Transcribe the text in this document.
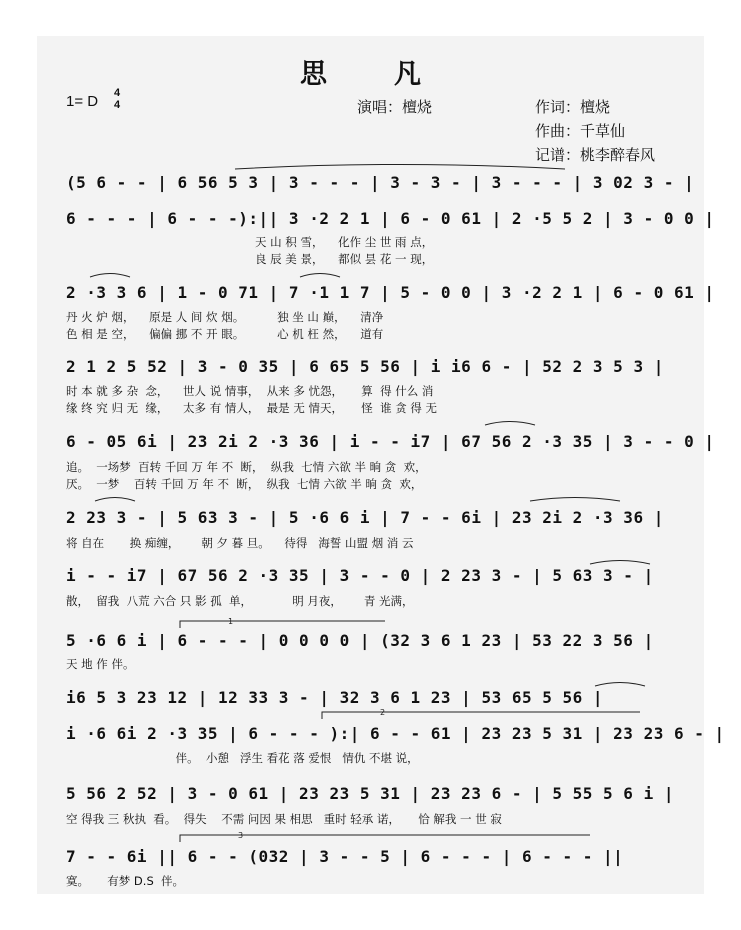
思　凡
1= D 4
4	演唱：檀烧	作词：檀烧
作曲：千草仙
记谱：桃李醉春风
(5 6 - - | 6 56 5 3 | 3 - - - | 3 - 3 - | 3 - - - | 3 02 3 - |
6 - - - | 6 - - -):|| 3 ·2 2 1 | 6 - 0 61 | 2 ·5 5 2 | 3 - 0 0 |
天 山 积 雪，    化作 尘 世 雨 点，
良 辰 美 景，    都似 昙 花 一 现，
2 ·3 3 6 | 1 - 0 71 | 7 ·1 1 7 | 5 - 0 0 | 3 ·2 2 1 | 6 - 0 61 |
丹 火 炉 烟，    原是 人 间 炊 烟。         独 坐 山 巅，    清净
色 相 是 空，    偏偏 挪 不 开 眼。         心 机 枉 然，    道有
2 1 2 5 52 | 3 - 0 35 | 6 65 5 56 | i i6 6 - | 52 2 3 5 3 |
时 本 就 多 杂  念，    世人 说 情事，  从来 多 忧怨，     算  得 什么 消
缘 终 究 归 无  缘，    太多 有 情人，  最是 无 情天，     怪  谁 贪 得 无
6 - 05 6i | 23 2i 2 ·3 36 | i - - i7 | 67 56 2 ·3 35 | 3 - - 0 |
追。  一场梦  百转 千回 万 年 不  断，  纵我  七情 六欲 半 晌 贪  欢，
厌。  一梦    百转 千回 万 年 不  断，  纵我  七情 六欲 半 晌 贪  欢，
2 23 3 - | 5 63 3 - | 5 ·6 6 i | 7 - - 6i | 23 2i 2 ·3 36 |
将 自在       换 痴缠，      朝 夕 暮 旦。    待得   海誓 山盟 烟 消 云
i - - i7 | 67 56 2 ·3 35 | 3 - - 0 | 2 23 3 - | 5 63 3 - |
散，  留我  八荒 六合 只 影 孤  单，           明 月夜，      青 光满，
5 ·6 6 i | 6 - - - | 0 0 0 0 | (32 3 6 1 23 | 53 22 3 56 |
天 地 作 伴。
i6 5 3 23 12 | 12 33 3 - | 32 3 6 1 23 | 53 65 5 56 |
i ·6 6i 2 ·3 35 | 6 - - - ):| 6 - - 61 | 23 23 5 31 | 23 23 6 - |
伴。  小憩   浮生 看花 落 爱恨   情仇 不堪 说，
5 56 2 52 | 3 - 0 61 | 23 23 5 31 | 23 23 6 - | 5 55 5 6 i |
空 得我 三 秋执  看。  得失    不需 问因 果 相思   重时 轻承 诺，     恰 解我 一 世 寂
7 - - 6i || 6 - - (032 | 3 - - 5 | 6 - - - | 6 - - - ||
寞。     有梦 D.S  伴。
1
2
3
